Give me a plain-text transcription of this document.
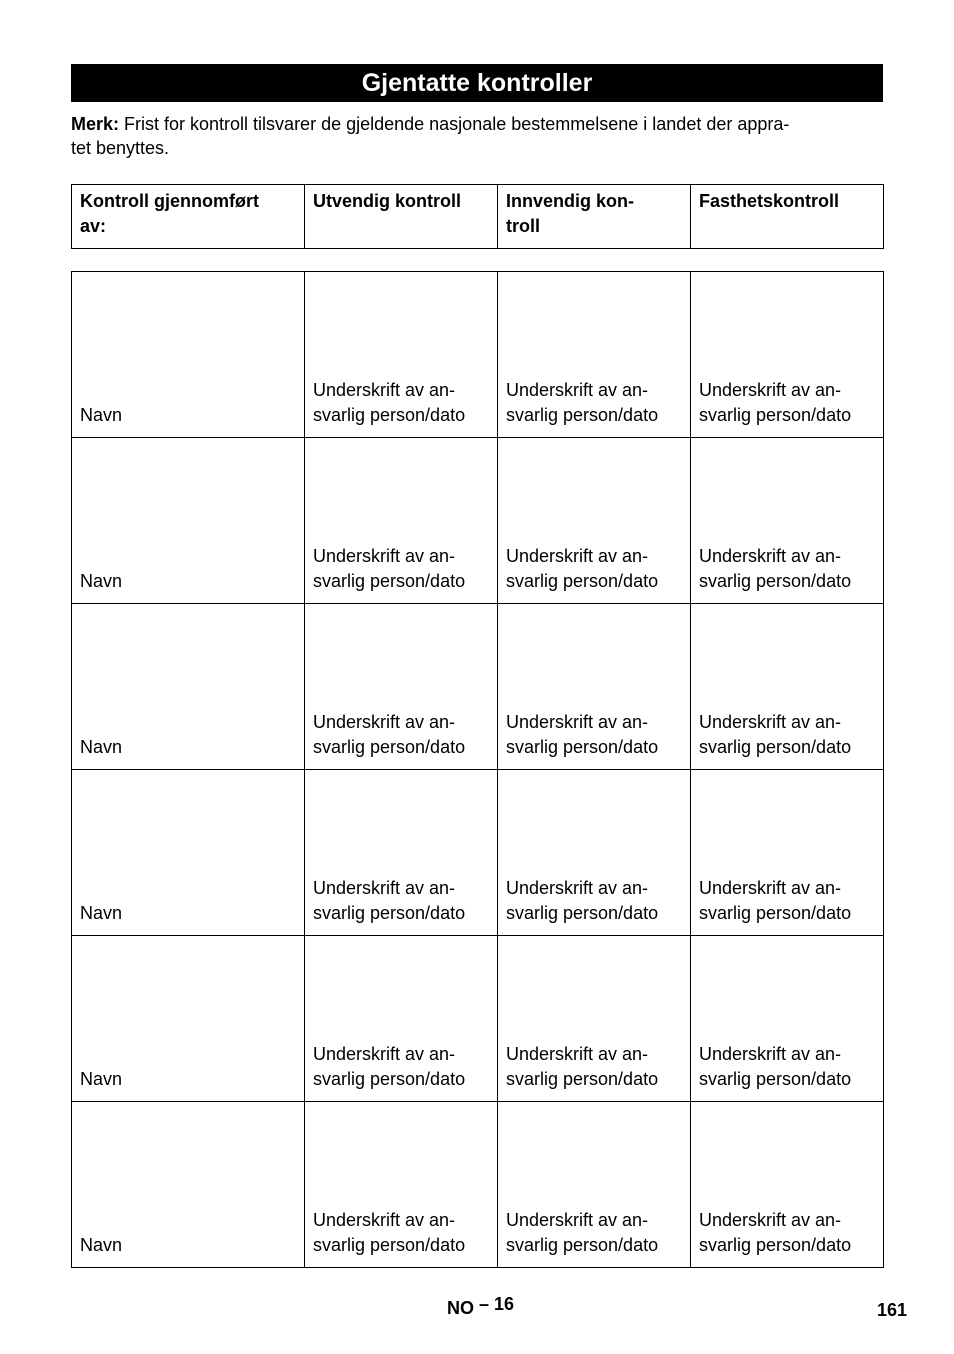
Gjentatte kontroller
Merk: Frist for kontroll tilsvarer de gjeldende nasjonale bestemmelsene i landet der appra-
tet benyttes.
Kontroll gjennomført
av:	Utvendig kontroll	Innvendig kon-
troll	Fasthetskontroll

Navn	Underskrift av an-
svarlig person/dato	Underskrift av an-
svarlig person/dato	Underskrift av an-
svarlig person/dato
Navn	Underskrift av an-
svarlig person/dato	Underskrift av an-
svarlig person/dato	Underskrift av an-
svarlig person/dato
Navn	Underskrift av an-
svarlig person/dato	Underskrift av an-
svarlig person/dato	Underskrift av an-
svarlig person/dato
Navn	Underskrift av an-
svarlig person/dato	Underskrift av an-
svarlig person/dato	Underskrift av an-
svarlig person/dato
Navn	Underskrift av an-
svarlig person/dato	Underskrift av an-
svarlig person/dato	Underskrift av an-
svarlig person/dato
Navn	Underskrift av an-
svarlig person/dato	Underskrift av an-
svarlig person/dato	Underskrift av an-
svarlig person/dato
NO – 16	161
